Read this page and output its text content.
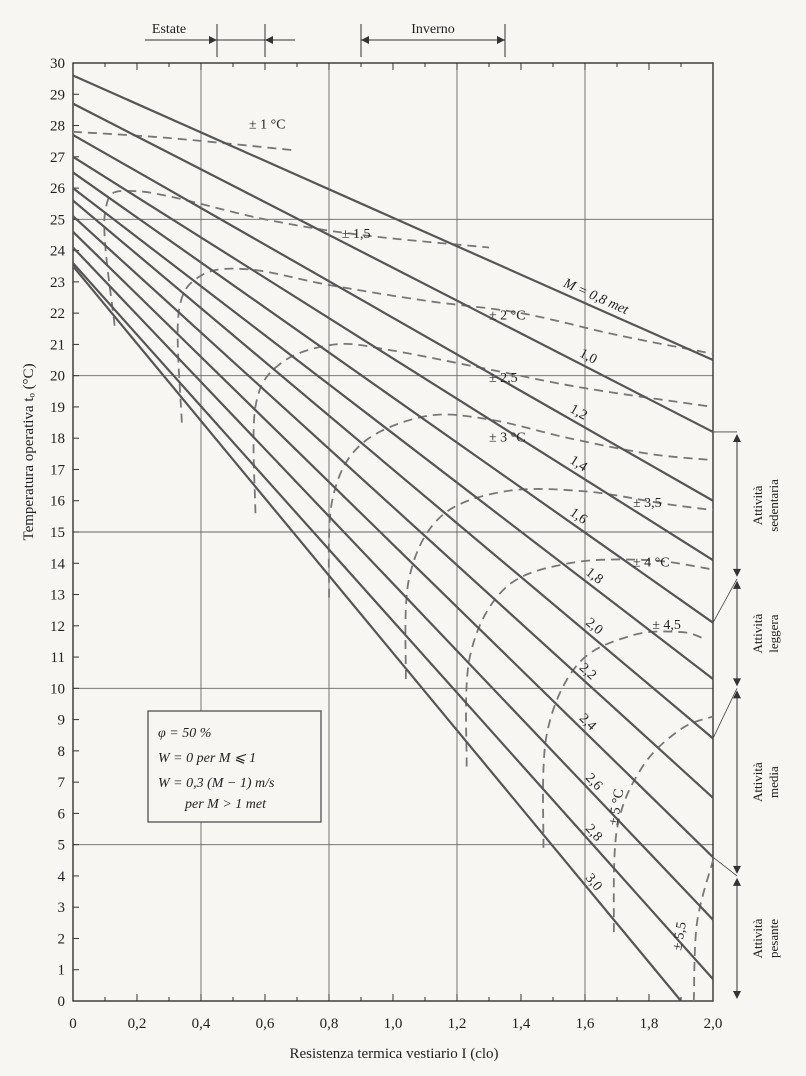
0	0,2	0,4	0,6	0,8	1,0	1,2	1,4	1,6	1,8	2,0
0
1
2
3
4
5
6
7
8
9
10
11
12
13
14
15
16
17
18
19
20
21
22
23
24
25
26
27
28
29
30
M = 0,8 met
1,0
1,2
1,4
1,6
1,8
2,0
2,2
2,4
2,6
2,8
3,0
± 1 °C
± 1,5
± 2 °C
± 2,5
± 3 °C
± 3,5
± 4 °C
± 4,5
± 5 °C
± 5,5
Estate	Inverno
Attività sedentaria
Attività leggera
Attività media
Attività pesante
Resistenza termica vestiario I (clo)
Temperatura operativa tₒ (°C)
φ = 50 %
W = 0 per M ⩽ 1
W = 0,3 (M − 1) m/s
per M > 1 met
